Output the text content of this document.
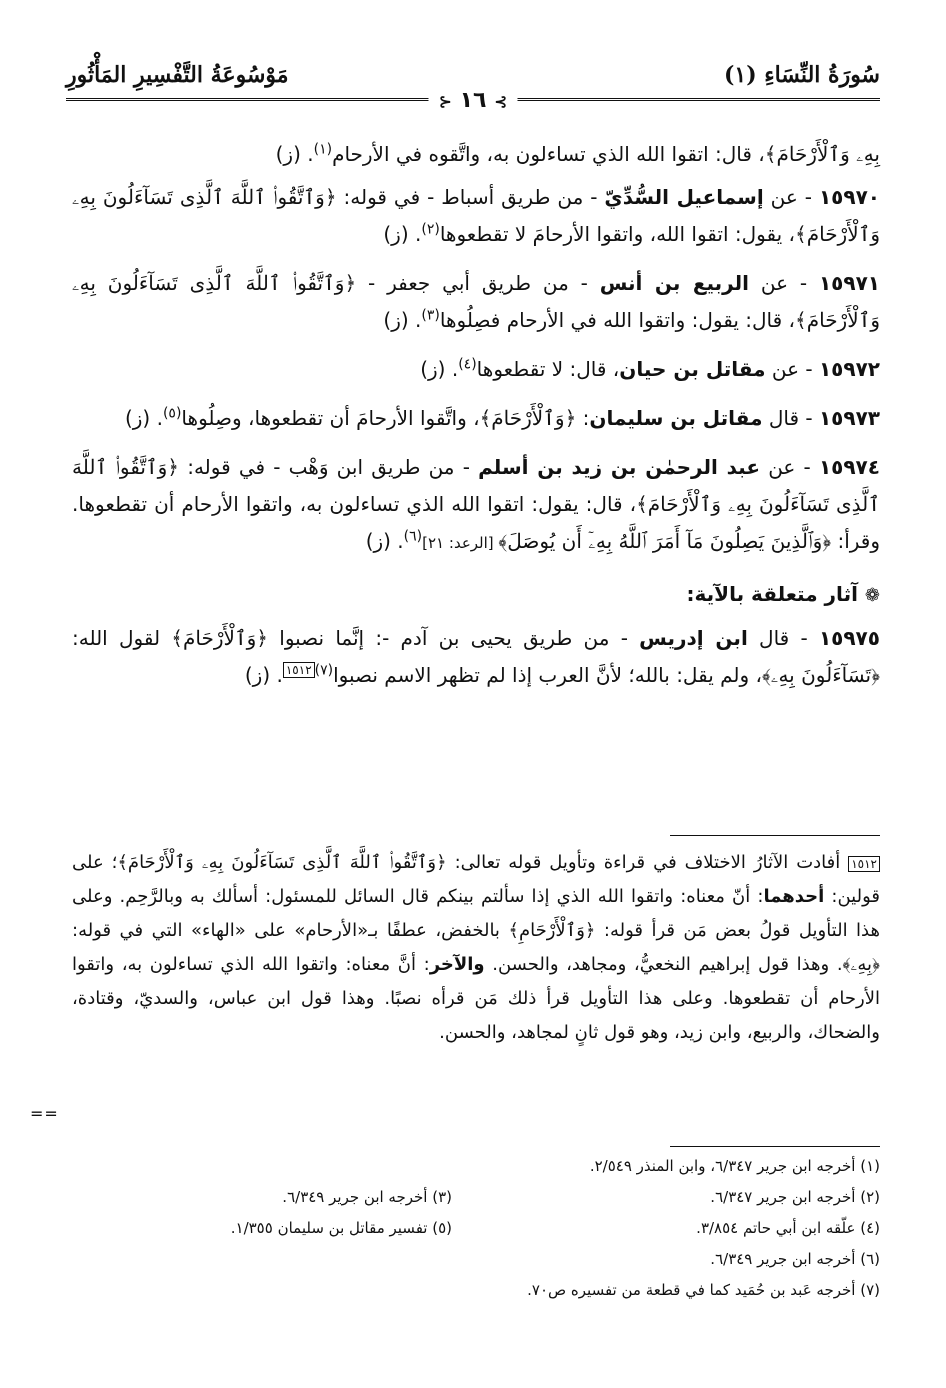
سُورَةُ النِّسَاءِ (١)
مَوْسُوعَةُ التَّفْسِيرِ المَأْثُورِ
⊱ ١٦ ⊰
بِهِۦ وَٱلْأَرْحَامَ﴾، قال: اتقوا الله الذي تساءلون به، واتَّقوه في الأرحام$^{(١)}$. (ز)
١٥٩٧٠ - عن إسماعيل السُّدِّيّ - من طريق أسباط - في قوله: ﴿وَٱتَّقُوا۟ ٱللَّهَ ٱلَّذِى تَسَآءَلُونَ بِهِۦ وَٱلْأَرْحَامَ﴾، يقول: اتقوا الله، واتقوا الأرحامَ لا تقطعوها$^{(٢)}$. (ز)
١٥٩٧١ - عن الربيع بن أنس - من طريق أبي جعفر - ﴿وَٱتَّقُوا۟ ٱللَّهَ ٱلَّذِى تَسَآءَلُونَ بِهِۦ وَٱلْأَرْحَامَ﴾، قال: يقول: واتقوا الله في الأرحام فصِلُوها$^{(٣)}$. (ز)
١٥٩٧٢ - عن مقاتل بن حيان، قال: لا تقطعوها$^{(٤)}$. (ز)
١٥٩٧٣ - قال مقاتل بن سليمان: ﴿وَٱلْأَرْحَامَ﴾، واتَّقوا الأرحامَ أن تقطعوها، وصِلُوها$^{(٥)}$. (ز)
١٥٩٧٤ - عن عبد الرحمٰن بن زيد بن أسلم - من طريق ابن وَهْب - في قوله: ﴿وَٱتَّقُوا۟ ٱللَّهَ ٱلَّذِى تَسَآءَلُونَ بِهِۦ وَٱلْأَرْحَامَ﴾، قال: يقول: اتقوا الله الذي تساءلون به، واتقوا الأرحام أن تقطعوها. وقرأ: ﴿وَٱلَّذِينَ يَصِلُونَ مَآ أَمَرَ ٱللَّهُ بِهِۦٓ أَن يُوصَلَ﴾ [الرعد: ٢١]$^{(٦)}$. (ز)
❁ آثار متعلقة بالآية:
١٥٩٧٥ - قال ابن إدريس - من طريق يحيى بن آدم -: إنَّما نصبوا ﴿وَٱلْأَرْحَامَ﴾ لقول الله: ﴿تَسَآءَلُونَ بِهِۦ﴾، ولم يقل: بالله؛ لأنَّ العرب إذا لم تظهر الاسم نصبوا$^{(٧)}$١٥١٢. (ز)
١٥١٢ أفادت الآثارُ الاختلاف في قراءة وتأويل قوله تعالى: ﴿وَٱتَّقُوا۟ ٱللَّهَ ٱلَّذِى تَسَآءَلُونَ بِهِۦ وَٱلْأَرْحَامَ﴾؛ على قولين: أحدهما: أنّ معناه: واتقوا الله الذي إذا سألتم بينكم قال السائل للمسئول: أسألك به وبالرَّحِم. وعلى هذا التأويل قولُ بعض مَن قرأ قوله: ﴿وَٱلْأَرْحَامِ﴾ بالخفض، عطفًا بـ«الأرحام» على «الهاء» التي في قوله: ﴿بِهِۦ﴾. وهذا قول إبراهيم النخعيُّ، ومجاهد، والحسن. والآخر: أنَّ معناه: واتقوا الله الذي تساءلون به، واتقوا الأرحام أن تقطعوها. وعلى هذا التأويل قرأ ذلك مَن قرأه نصبًا. وهذا قول ابن عباس، والسديّ، وقتادة، والضحاك، والربيع، وابن زيد، وهو قول ثانٍ لمجاهد، والحسن.
==
(١) أخرجه ابن جرير ٦/٣٤٧، وابن المنذر ٢/٥٤٩.
(٢) أخرجه ابن جرير ٦/٣٤٧.
(٣) أخرجه ابن جرير ٦/٣٤٩.
(٤) علّقه ابن أبي حاتم ٣/٨٥٤.
(٥) تفسير مقاتل بن سليمان ١/٣٥٥.
(٦) أخرجه ابن جرير ٦/٣٤٩.
(٧) أخرجه عَبد بن حُمَيد كما في قطعة من تفسيره ص٧٠.
